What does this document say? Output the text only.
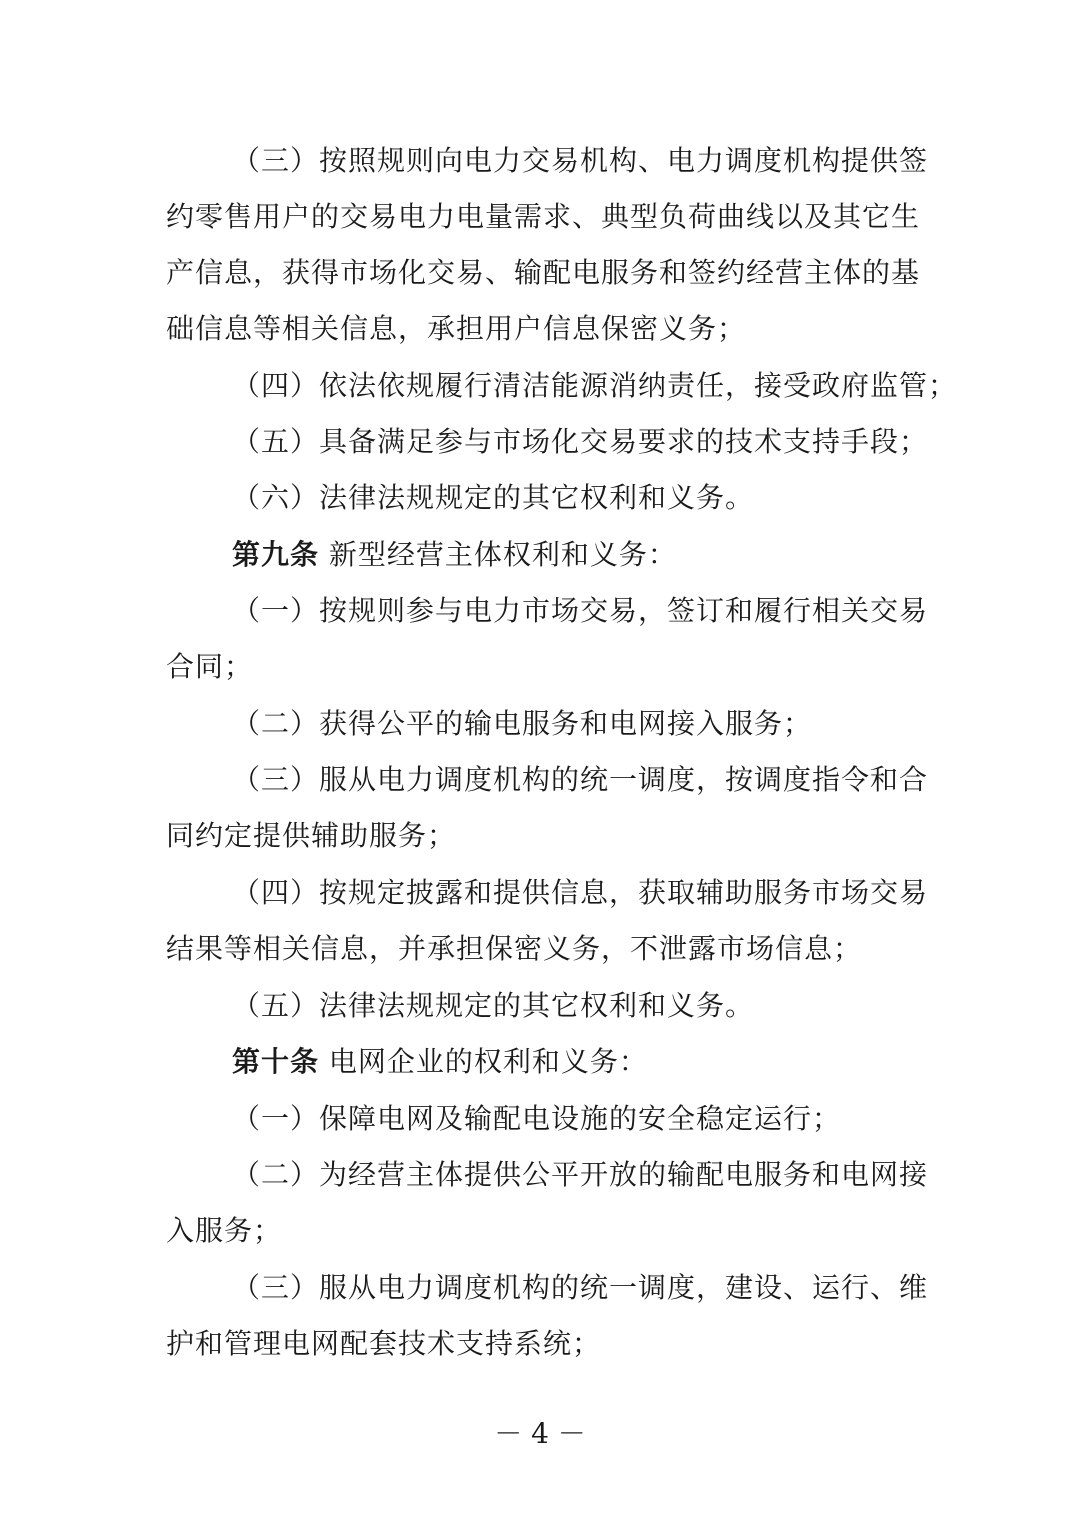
（三）按照规则向电力交易机构、电力调度机构提供签
约零售用户的交易电力电量需求、典型负荷曲线以及其它生
产信息，获得市场化交易、输配电服务和签约经营主体的基
础信息等相关信息，承担用户信息保密义务；
（四）依法依规履行清洁能源消纳责任，接受政府监管；
（五）具备满足参与市场化交易要求的技术支持手段；
（六）法律法规规定的其它权利和义务。
第九条 新型经营主体权利和义务：
（一）按规则参与电力市场交易，签订和履行相关交易
合同；
（二）获得公平的输电服务和电网接入服务；
（三）服从电力调度机构的统一调度，按调度指令和合
同约定提供辅助服务；
（四）按规定披露和提供信息，获取辅助服务市场交易
结果等相关信息，并承担保密义务，不泄露市场信息；
（五）法律法规规定的其它权利和义务。
第十条 电网企业的权利和义务：
（一）保障电网及输配电设施的安全稳定运行；
（二）为经营主体提供公平开放的输配电服务和电网接
入服务；
（三）服从电力调度机构的统一调度，建设、运行、维
护和管理电网配套技术支持系统；
－ 4 －
